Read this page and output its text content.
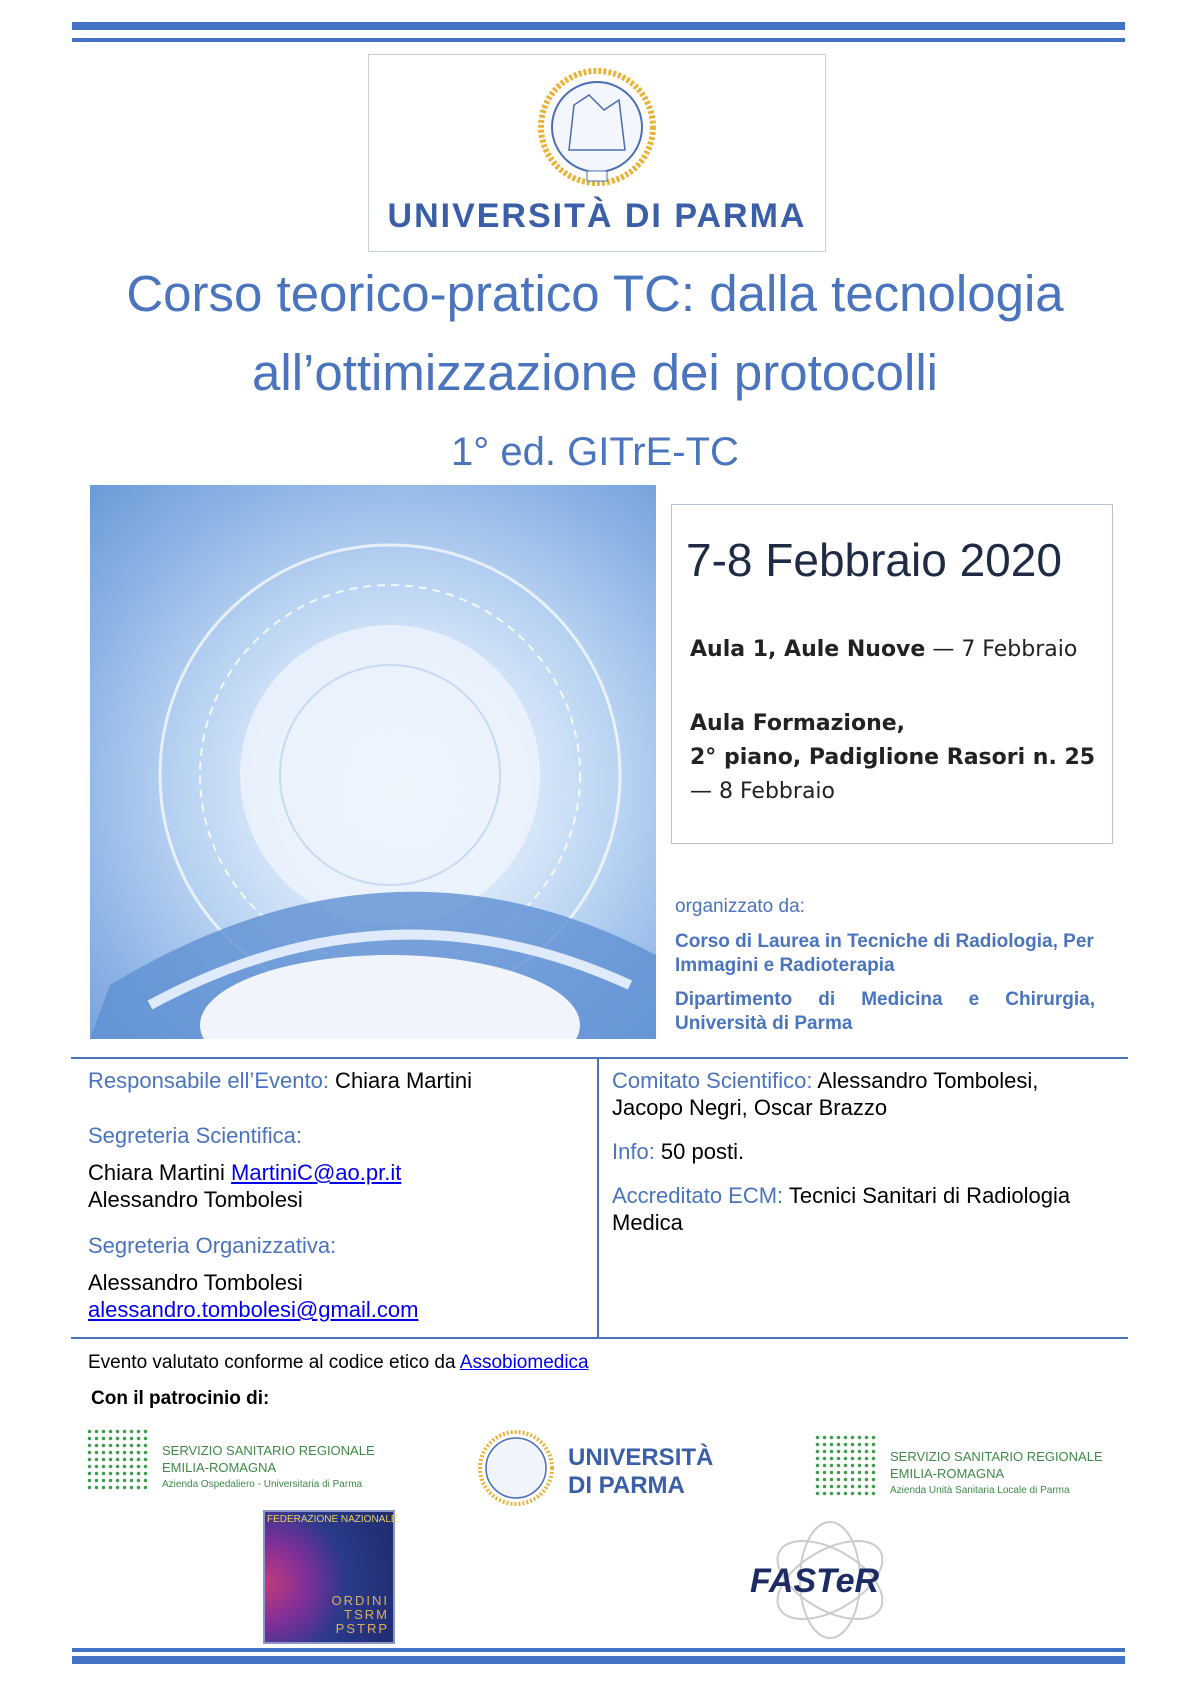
UNIVERSITÀ DI PARMA
Corso teorico-pratico TC: dalla tecnologia
all’ottimizzazione dei protocolli
1° ed. GITrE-TC
7-8 Febbraio 2020
Aula 1, Aule Nuove — 7 Febbraio
Aula Formazione,
2° piano, Padiglione Rasori n. 25
— 8 Febbraio
organizzato da:
Corso di Laurea in Tecniche di Radiologia, Per Immagini e Radioterapia
Dipartimento di Medicina e Chirurgia, Università di Parma
Responsabile ell’Evento: Chiara Martini
Segreteria Scientifica:
Chiara Martini MartiniC@ao.pr.it
Alessandro Tombolesi
Segreteria Organizzativa:
Alessandro Tombolesi
alessandro.tombolesi@gmail.com
Comitato Scientifico: Alessandro Tombolesi, Jacopo Negri, Oscar Brazzo
Info: 50 posti.
Accreditato ECM: Tecnici Sanitari di Radiologia Medica
Evento valutato conforme al codice etico da Assobiomedica
Con il patrocinio di:
SERVIZIO SANITARIO REGIONALE
EMILIA-ROMAGNA
Azienda Ospedaliero - Universitaria di Parma
UNIVERSITÀ
DI PARMA
SERVIZIO SANITARIO REGIONALE
EMILIA-ROMAGNA
Azienda Unità Sanitaria Locale di Parma
FEDERAZIONE NAZIONALE
ORDINI
TSRM
PSTRP
FASTeR
